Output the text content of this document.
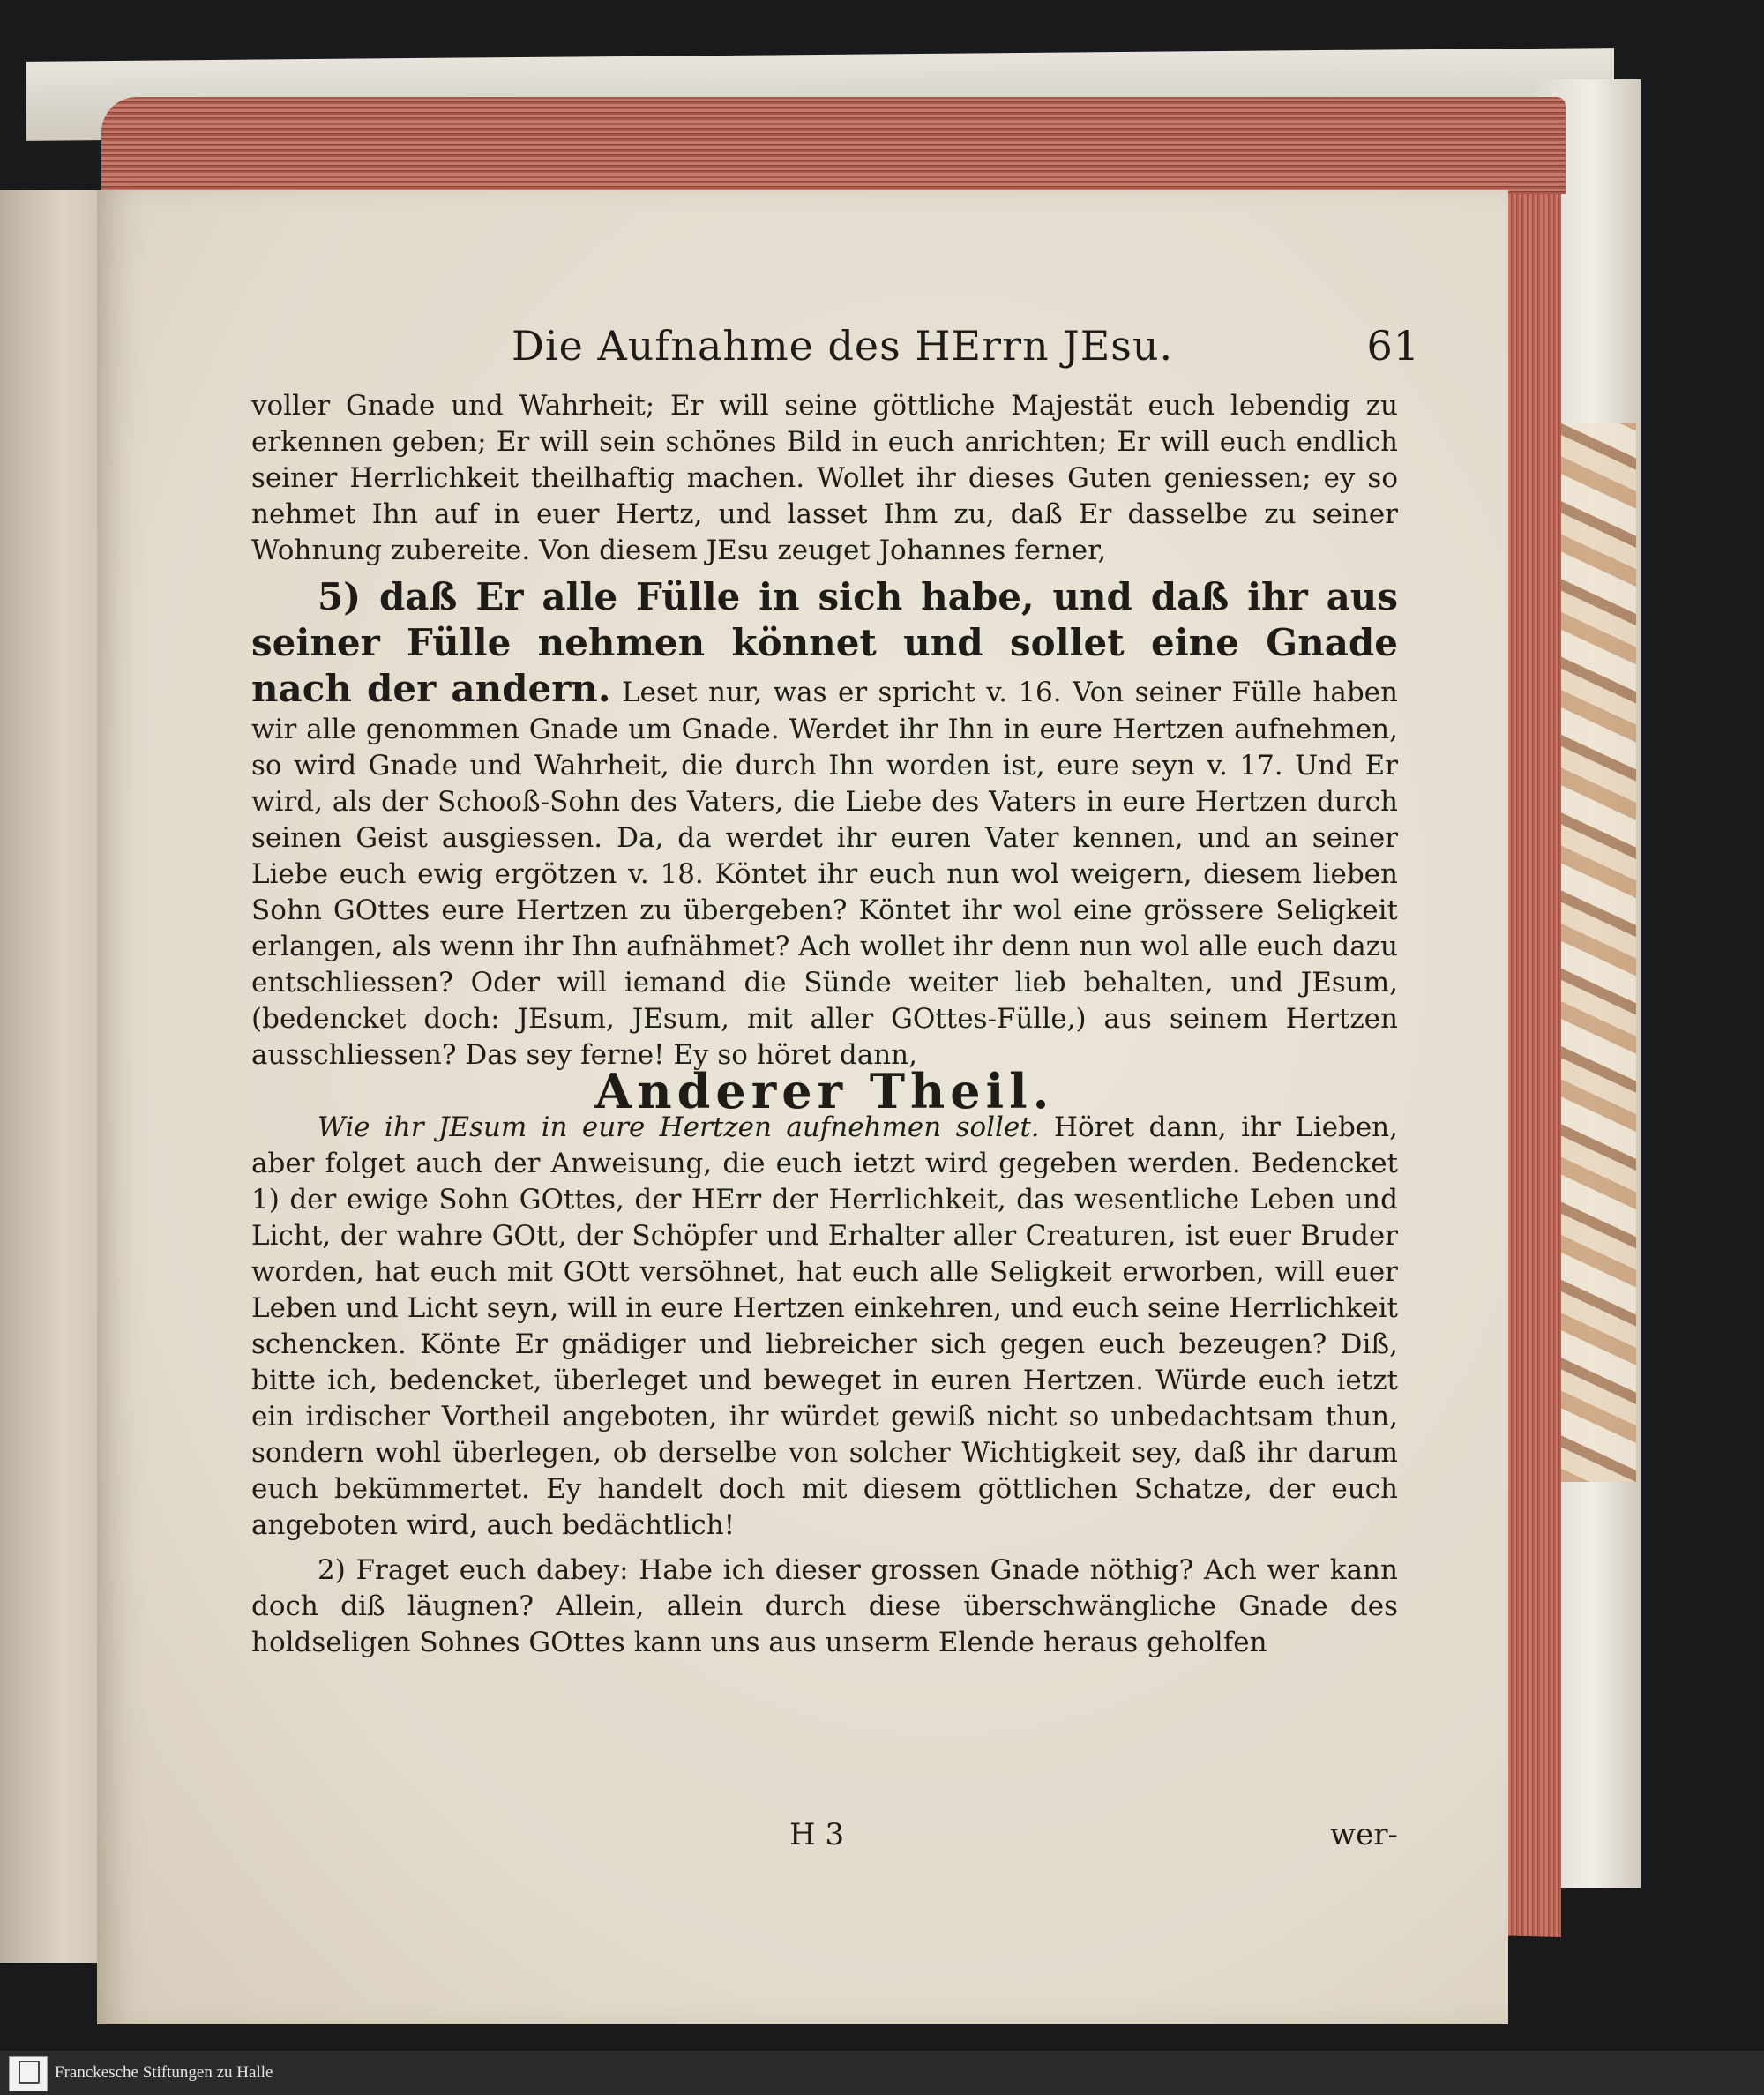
Die Aufnahme des HErrn JEsu.	61

voller Gnade und Wahrheit; Er will seine göttliche Majestät euch lebendig zu erkennen geben; Er will sein schönes Bild in euch anrichten; Er will euch endlich seiner Herrlichkeit theilhaftig machen. Wollet ihr dieses Guten geniessen; ey so nehmet Ihn auf in euer Hertz, und lasset Ihm zu, daß Er dasselbe zu seiner Wohnung zubereite. Von diesem JEsu zeuget Johannes ferner,

5) daß Er alle Fülle in sich habe, und daß ihr aus seiner Fülle nehmen könnet und sollet eine Gnade nach der andern. Leset nur, was er spricht v. 16. Von seiner Fülle haben wir alle genommen Gnade um Gnade. Werdet ihr Ihn in eure Hertzen aufnehmen, so wird Gnade und Wahrheit, die durch Ihn worden ist, eure seyn v. 17. Und Er wird, als der Schooß-Sohn des Vaters, die Liebe des Vaters in eure Hertzen durch seinen Geist ausgiessen. Da, da werdet ihr euren Vater kennen, und an seiner Liebe euch ewig ergötzen v. 18. Köntet ihr euch nun wol weigern, diesem lieben Sohn GOttes eure Hertzen zu übergeben? Köntet ihr wol eine grössere Seligkeit erlangen, als wenn ihr Ihn aufnähmet? Ach wollet ihr denn nun wol alle euch dazu entschliessen? Oder will iemand die Sünde weiter lieb behalten, und JEsum, (bedencket doch: JEsum, JEsum, mit aller GOttes-Fülle,) aus seinem Hertzen ausschliessen? Das sey ferne! Ey so höret dann,

Anderer Theil.

Wie ihr JEsum in eure Hertzen aufnehmen sollet. Höret dann, ihr Lieben, aber folget auch der Anweisung, die euch ietzt wird gegeben werden. Bedencket 1) der ewige Sohn GOttes, der HErr der Herrlichkeit, das wesentliche Leben und Licht, der wahre GOtt, der Schöpfer und Erhalter aller Creaturen, ist euer Bruder worden, hat euch mit GOtt versöhnet, hat euch alle Seligkeit erworben, will euer Leben und Licht seyn, will in eure Hertzen einkehren, und euch seine Herrlichkeit schencken. Könte Er gnädiger und liebreicher sich gegen euch bezeugen? Diß, bitte ich, bedencket, überleget und beweget in euren Hertzen. Würde euch ietzt ein irdischer Vortheil angeboten, ihr würdet gewiß nicht so unbedachtsam thun, sondern wohl überlegen, ob derselbe von solcher Wichtigkeit sey, daß ihr darum euch bekümmertet. Ey handelt doch mit diesem göttlichen Schatze, der euch angeboten wird, auch bedächtlich!

2) Fraget euch dabey: Habe ich dieser grossen Gnade nöthig? Ach wer kann doch diß läugnen? Allein, allein durch diese überschwängliche Gnade des holdseligen Sohnes GOttes kann uns aus unserm Elende heraus geholfen

H 3	wer-
Franckesche Stiftungen zu Halle
